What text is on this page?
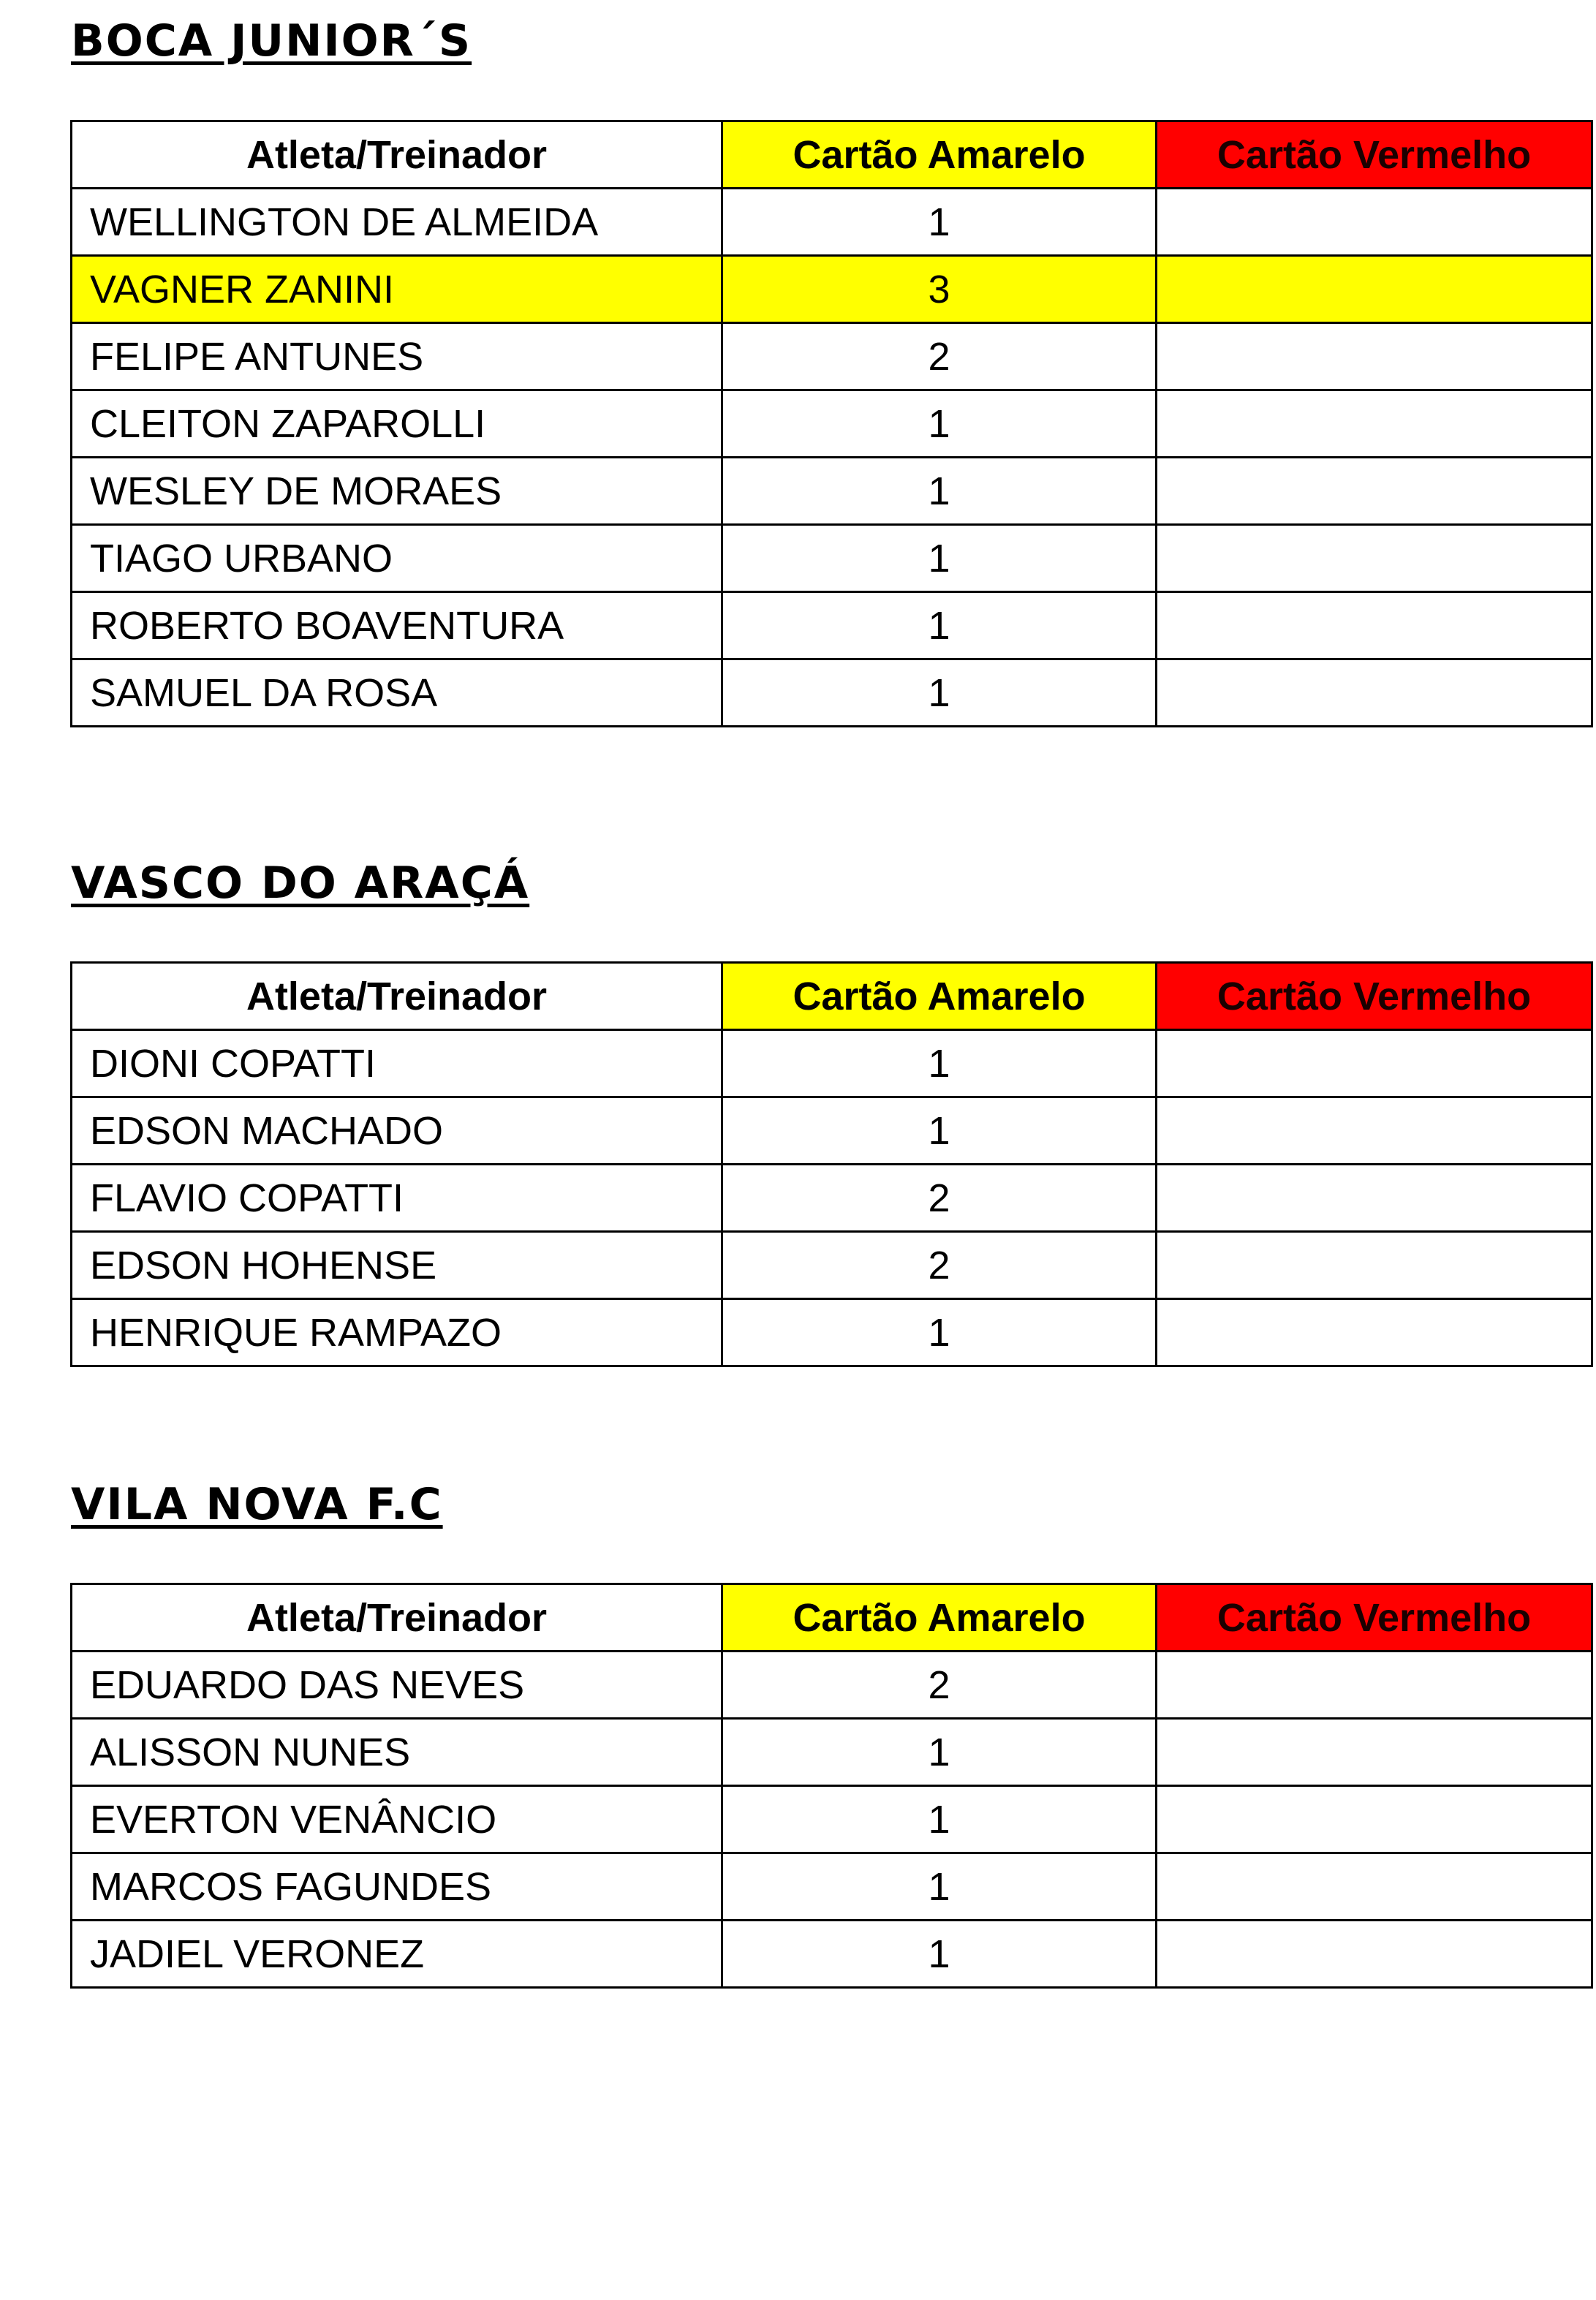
BOCA JUNIOR´S
Atleta/Treinador	Cartão Amarelo	Cartão Vermelho
WELLINGTON DE ALMEIDA	1	
VAGNER ZANINI	3	
FELIPE ANTUNES	2	
CLEITON ZAPAROLLI	1	
WESLEY DE MORAES	1	
TIAGO URBANO	1	
ROBERTO BOAVENTURA	1	
SAMUEL DA ROSA	1	
VASCO DO ARAÇÁ
Atleta/Treinador	Cartão Amarelo	Cartão Vermelho
DIONI COPATTI	1	
EDSON MACHADO	1	
FLAVIO COPATTI	2	
EDSON HOHENSE	2	
HENRIQUE RAMPAZO	1	
VILA NOVA F.C
Atleta/Treinador	Cartão Amarelo	Cartão Vermelho
EDUARDO DAS NEVES	2	
ALISSON NUNES	1	
EVERTON VENÂNCIO	1	
MARCOS FAGUNDES	1	
JADIEL VERONEZ	1	
